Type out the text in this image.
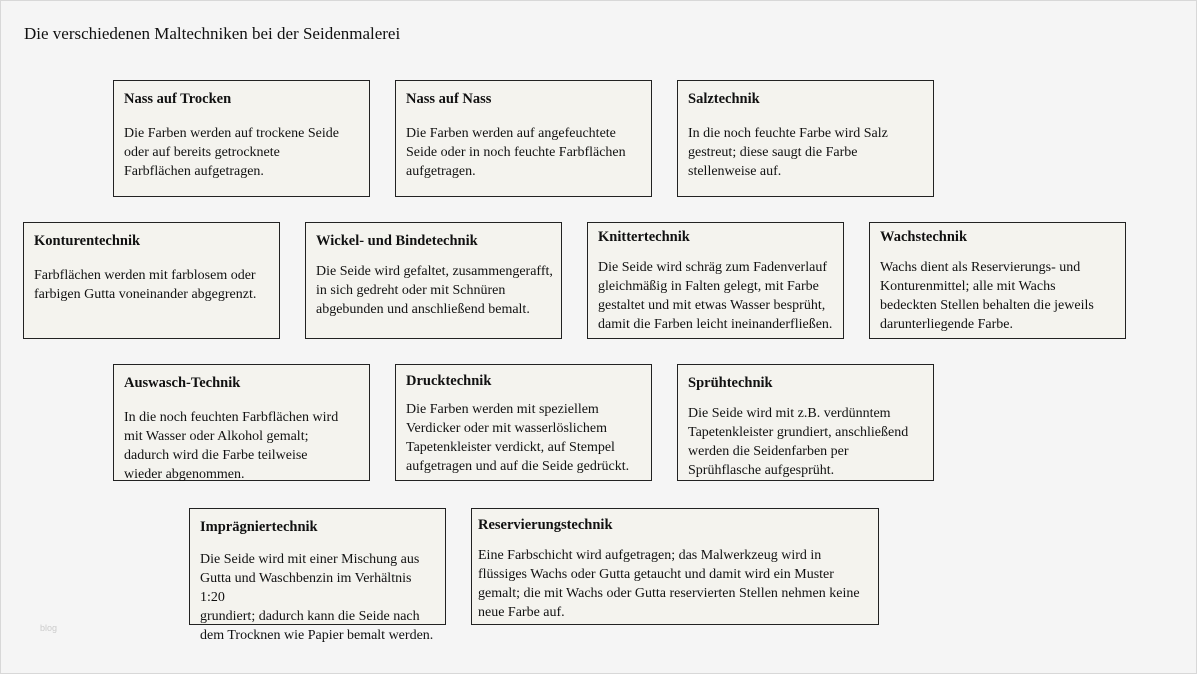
Die verschiedenen Maltechniken bei der Seidenmalerei
blog
Nass auf Trocken

Die Farben werden auf trockene Seide
oder auf bereits getrocknete
Farbflächen aufgetragen.

Nass auf Nass

Die Farben werden auf angefeuchtete
Seide oder in noch feuchte Farbflächen
aufgetragen.

Salztechnik

In die noch feuchte Farbe wird Salz
gestreut; diese saugt die Farbe
stellenweise auf.

Konturentechnik

Farbflächen werden mit farblosem oder
farbigen Gutta voneinander abgegrenzt.

Wickel- und Bindetechnik

Die Seide wird gefaltet, zusammengerafft,
in sich gedreht oder mit Schnüren
abgebunden und anschließend bemalt.

Knittertechnik

Die Seide wird schräg zum Fadenverlauf
gleichmäßig in Falten gelegt, mit Farbe
gestaltet und mit etwas Wasser besprüht,
damit die Farben leicht ineinanderfließen.

Wachstechnik

Wachs dient als Reservierungs- und
Konturenmittel; alle mit Wachs
bedeckten Stellen behalten die jeweils
darunterliegende Farbe.

Auswasch-Technik

In die noch feuchten Farbflächen wird
mit Wasser oder Alkohol gemalt;
dadurch wird die Farbe teilweise
wieder abgenommen.

Drucktechnik

Die Farben werden mit speziellem
Verdicker oder mit wasserlöslichem
Tapetenkleister verdickt, auf Stempel
aufgetragen und auf die Seide gedrückt.

Sprühtechnik

Die Seide wird mit z.B. verdünntem
Tapetenkleister grundiert, anschließend
werden die Seidenfarben per
Sprühflasche aufgesprüht.

Imprägniertechnik

Die Seide wird mit einer Mischung aus
Gutta und Waschbenzin im Verhältnis 1:20
grundiert; dadurch kann die Seide nach
dem Trocknen wie Papier bemalt werden.

Reservierungstechnik

Eine Farbschicht wird aufgetragen; das Malwerkzeug wird in
flüssiges Wachs oder Gutta getaucht und damit wird ein Muster
gemalt; die mit Wachs oder Gutta reservierten Stellen nehmen keine
neue Farbe auf.
